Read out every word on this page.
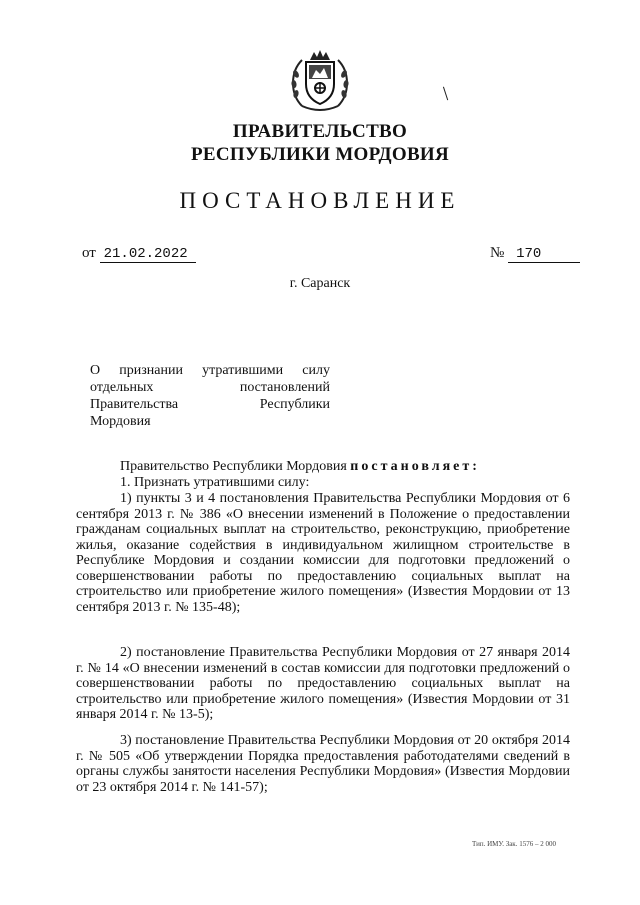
ПРАВИТЕЛЬСТВО
РЕСПУБЛИКИ МОРДОВИЯ
ПОСТАНОВЛЕНИЕ
от 21.02.2022	№ 170
г. Саранск
О признании утратившими силу
отдельных постановлений
Правительства Республики
Мордовия
Правительство Республики Мордовия постановляет:
1. Признать утратившими силу:
1) пункты 3 и 4 постановления Правительства Республики Мордовия от 6 сентября 2013 г. № 386 «О внесении изменений в Положение о предоставлении гражданам социальных выплат на строительство, реконструкцию, приобретение жилья, оказание содействия в индивидуальном жилищном строительстве в Республике Мордовия и создании комиссии для подготовки предложений о совершенствовании работы по предоставлению социальных выплат на строительство или приобретение жилого помещения» (Известия Мордовии от 13 сентября 2013 г. № 135-48);
2) постановление Правительства Республики Мордовия от 27 января 2014 г. № 14 «О внесении изменений в состав комиссии для подготовки предложений о совершенствовании работы по предоставлению социальных выплат на строительство или приобретение жилого помещения» (Известия Мордовии от 31 января 2014 г. № 13-5);
3) постановление Правительства Республики Мордовия от 20 октября 2014 г. № 505 «Об утверждении Порядка предоставления работодателями сведений в органы службы занятости населения Республики Мордовия» (Известия Мордовии от 23 октября 2014 г. № 141-57);
Тип. ИМУ. Зак. 1576 – 2 000
